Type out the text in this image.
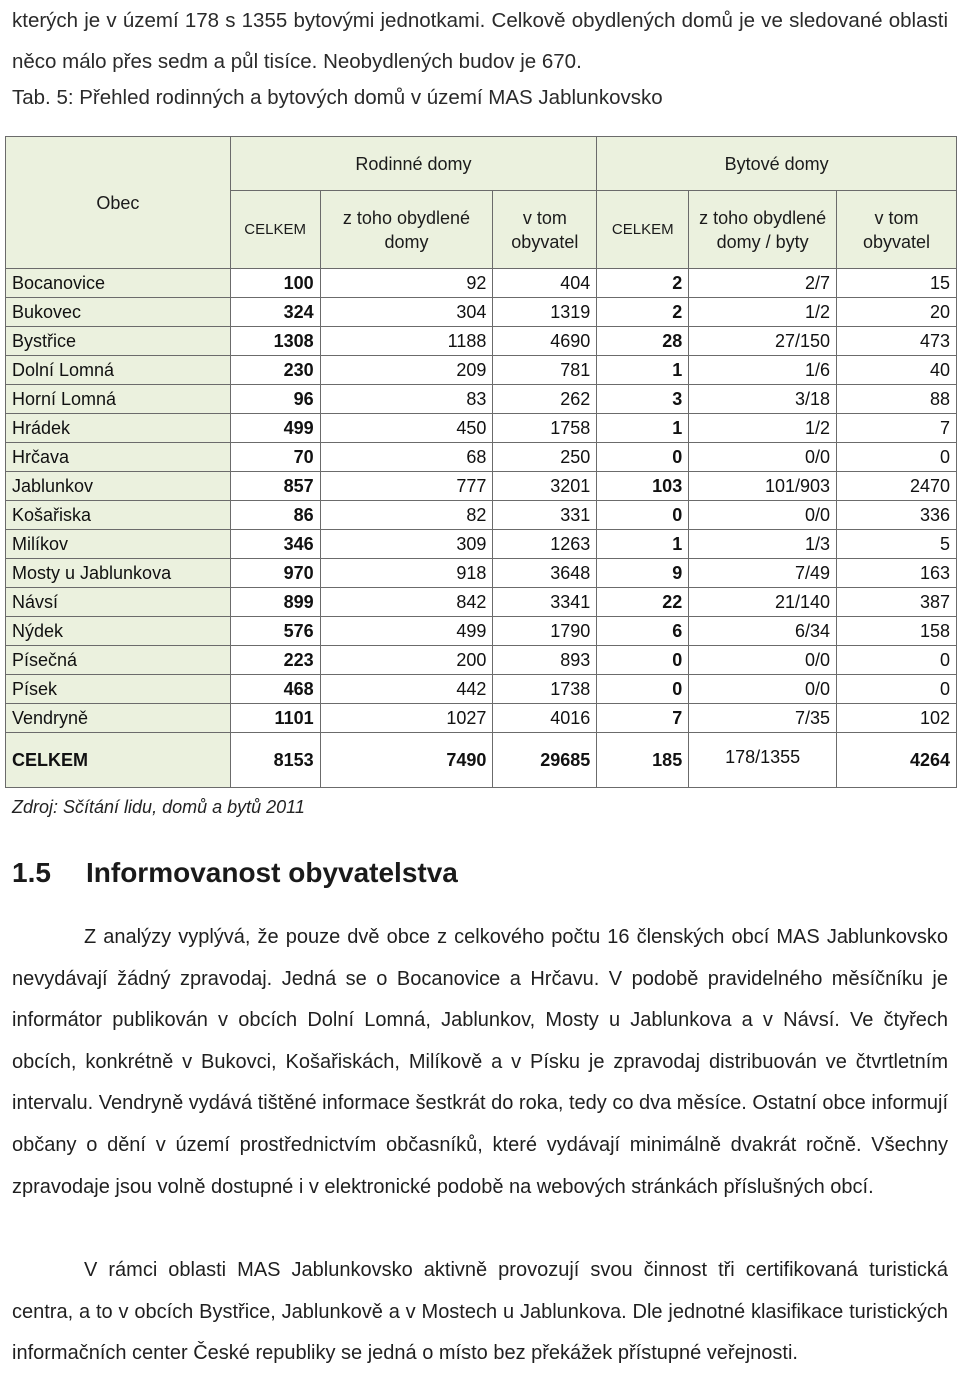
kterých je v území 178 s 1355 bytovými jednotkami. Celkově obydlených domů je ve sledované oblasti něco málo přes sedm a půl tisíce. Neobydlených budov je 670.
Tab. 5: Přehled rodinných a bytových domů v území MAS Jablunkovsko
Obec	Rodinné domy			Bytové domy		
	CELKEM	z toho obydlené domy	v tom obyvatel	CELKEM	z toho obydlené domy / byty	v tom obyvatel
Bocanovice	100	92	404	2	2/7	15
Bukovec	324	304	1319	2	1/2	20
Bystřice	1308	1188	4690	28	27/150	473
Dolní Lomná	230	209	781	1	1/6	40
Horní Lomná	96	83	262	3	3/18	88
Hrádek	499	450	1758	1	1/2	7
Hrčava	70	68	250	0	0/0	0
Jablunkov	857	777	3201	103	101/903	2470
Košařiska	86	82	331	0	0/0	336
Milíkov	346	309	1263	1	1/3	5
Mosty u Jablunkova	970	918	3648	9	7/49	163
Návsí	899	842	3341	22	21/140	387
Nýdek	576	499	1790	6	6/34	158
Písečná	223	200	893	0	0/0	0
Písek	468	442	1738	0	0/0	0
Vendryně	1101	1027	4016	7	7/35	102
CELKEM	8153	7490	29685	185	178/1355	4264
Zdroj: Sčítání lidu, domů a bytů 2011
1.5 Informovanost obyvatelstva
Z analýzy vyplývá, že pouze dvě obce z celkového počtu 16 členských obcí MAS Jablunkovsko nevydávají žádný zpravodaj. Jedná se o Bocanovice a Hrčavu. V podobě pravidelného měsíčníku je informátor publikován v obcích Dolní Lomná, Jablunkov, Mosty u Jablunkova a v Návsí. Ve čtyřech obcích, konkrétně v Bukovci, Košařiskách, Milíkově a v Písku je zpravodaj distribuován ve čtvrtletním intervalu. Vendryně vydává tištěné informace šestkrát do roka, tedy co dva měsíce. Ostatní obce informují občany o dění v území prostřednictvím občasníků, které vydávají minimálně dvakrát ročně. Všechny zpravodaje jsou volně dostupné i v elektronické podobě na webových stránkách příslušných obcí.
V rámci oblasti MAS Jablunkovsko aktivně provozují svou činnost tři certifikovaná turistická centra, a to v obcích Bystřice, Jablunkově a v Mostech u Jablunkova. Dle jednotné klasifikace turistických informačních center České republiky se jedná o místo bez překážek přístupné veřejnosti.
